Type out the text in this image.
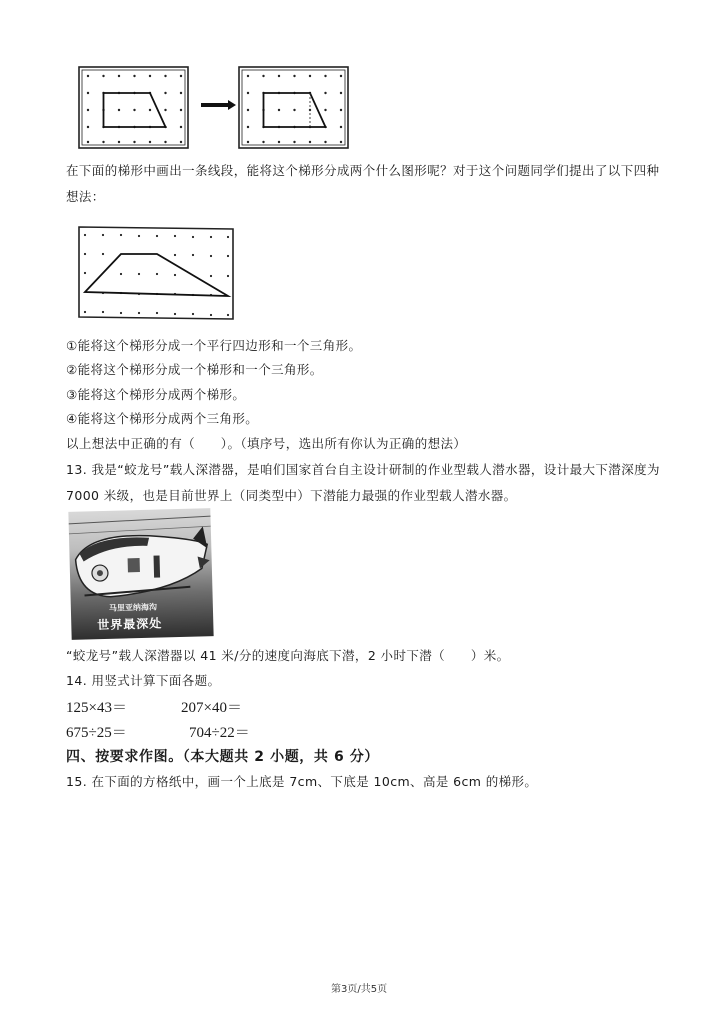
在下面的梯形中画出一条线段，能将这个梯形分成两个什么图形呢？对于这个问题同学们提出了以下四种
想法：
①能将这个梯形分成一个平行四边形和一个三角形。
②能将这个梯形分成一个梯形和一个三角形。
③能将这个梯形分成两个梯形。
④能将这个梯形分成两个三角形。
以上想法中正确的有（　　）。（填序号，选出所有你认为正确的想法）
13. 我是“蛟龙号”载人深潜器，是咱们国家首台自主设计研制的作业型载人潜水器，设计最大下潜深度为
7000 米级，也是目前世界上（同类型中）下潜能力最强的作业型载人潜水器。
马里亚纳海沟
世界最深处
“蛟龙号”载人深潜器以 41 米/分的速度向海底下潜，2 小时下潜（　　）米。
14. 用竖式计算下面各题。
125×43＝	207×40＝
675÷25＝	704÷22＝
四、按要求作图。（本大题共 2 小题，共 6 分）
15. 在下面的方格纸中，画一个上底是 7cm、下底是 10cm、高是 6cm 的梯形。
第3页/共5页
